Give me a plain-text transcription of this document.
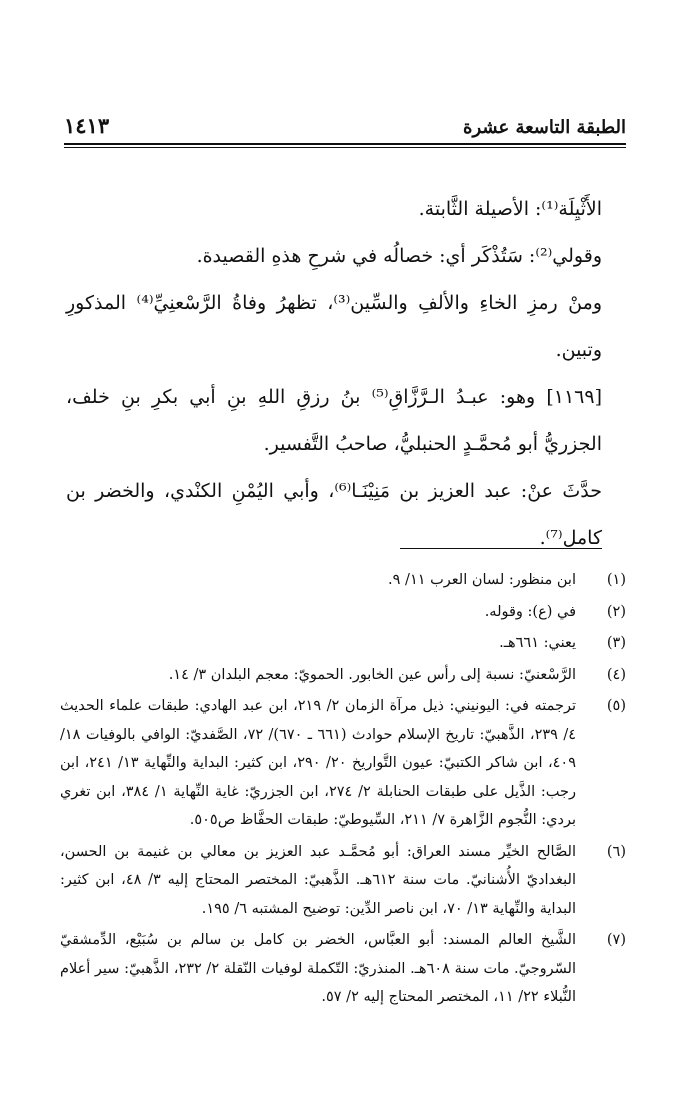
الطبقة التاسعة عشرة
١٤١٣

الأَثْيِلَة⁽¹⁾: الأصيلة الثَّابتة.

وقولي⁽²⁾: سَتُذْكَر أي: خصالُه في شرحِ هذهِ القصيدة.

ومنْ رمزِ الخاءِ والألفِ والسِّين⁽³⁾، تظهرُ وفاةُ الرَّسْعنِيِّ⁽⁴⁾ المذكورِ وتبين.

[١١٦٩] وهو: عبـدُ الـرَّزَّاقِ⁽⁵⁾ بنُ رزقِ اللهِ بنِ أبي بكرِ بنِ خلف، الجزريُّ أبو مُحمَّـدٍ الحنبليُّ، صاحبُ التَّفسير.

حدَّثَ عنْ: عبد العزيز بن مَنِيْنَـا⁽⁶⁾، وأبي اليُمْنِ الكنْدي، والخضر بن كامل⁽⁷⁾.

(١)
ابن منظور: لسان العرب ١١/ ٩.
(٢)
في (ع): وقوله.
(٣)
يعني: ٦٦١هـ.
(٤)
الرَّسْعنيّ: نسبة إلى رأس عين الخابور. الحمويّ: معجم البلدان ٣/ ١٤.
(٥)
ترجمته في: اليونيني: ذيل مرآة الزمان ٢/ ٢١٩، ابن عبد الهادي: طبقات علماء الحديث ٤/ ٢٣٩، الذَّهبيّ: تاريخ الإسلام حوادث (٦٦١ ـ ٦٧٠)/ ٧٢، الصَّفديّ: الوافي بالوفيات ١٨/ ٤٠٩، ابن شاكر الكتبيّ: عيون التَّواريخ ٢٠/ ٢٩٠، ابن كثير: البداية والنِّهاية ١٣/ ٢٤١، ابن رجب: الذَّيل على طبقات الحنابلة ٢/ ٢٧٤، ابن الجزريّ: غاية النِّهاية ١/ ٣٨٤، ابن تغري بردي: النُّجوم الزَّاهرة ٧/ ٢١١، السِّيوطيّ: طبقات الحفَّاظ ص٥٠٥.
(٦)
الصَّالح الخيِّر مسند العراق: أبو مُحمَّـد عبد العزيز بن معالي بن غنيمة بن الحسن، البغداديّ الأُشنانيّ. مات سنة ٦١٢هـ. الذَّهبيّ: المختصر المحتاج إليه ٣/ ٤٨، ابن كثير: البداية والنِّهاية ١٣/ ٧٠، ابن ناصر الدِّين: توضيح المشتبه ٦/ ١٩٥.
(٧)
الشَّيخ العالم المسند: أبو العبَّاس، الخضر بن كامل بن سالم بن سُبَيْع، الدِّمشقيّ السّروجيّ. مات سنة ٦٠٨هـ. المنذريّ: التّكملة لوفيات النّقلة ٢/ ٢٣٢، الذَّهبيّ: سير أعلام النُّبلاء ٢٢/ ١١، المختصر المحتاج إليه ٢/ ٥٧.
